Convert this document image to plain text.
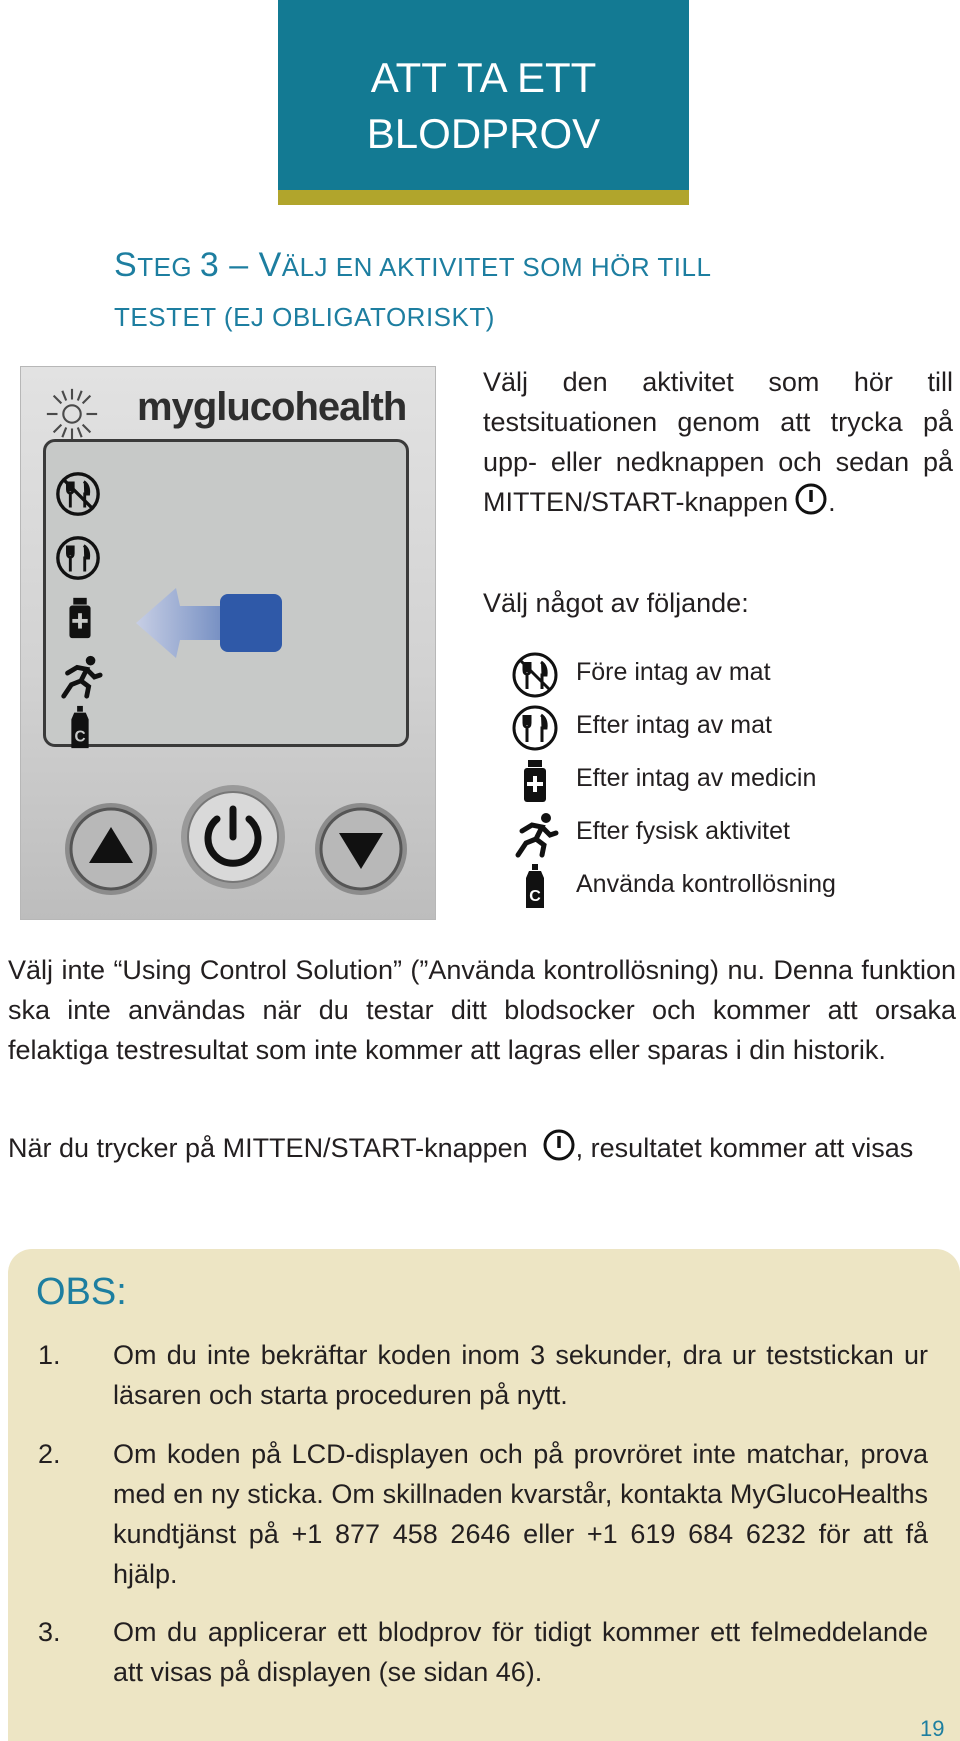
ATT TA ETT
BLODPROV
STEG 3 – VÄLJ EN AKTIVITET SOM HÖR TILL
TESTET (EJ OBLIGATORISKT)
myglucohealth
C
Välj den aktivitet som hör till testsituationen genom att trycka på upp- eller nedknappen och sedan på MITTEN/START-knappen .
Välj något av följande:
Före intag av mat
Efter intag av mat
Efter intag av medicin
Efter fysisk aktivitet
C Använda kontrollösning
Välj inte “Using Control Solution” (”Använda kontrollösning) nu. Denna funktion ska inte användas när du testar ditt blodsocker och kommer att orsaka felaktiga testresultat som inte kommer att lagras eller sparas i din historik.
När du trycker på MITTEN/START-knappen , resultatet kommer att visas
OBS:
1. Om du inte bekräftar koden inom 3 sekunder, dra ur teststickan ur läsaren och starta proceduren på nytt.
2. Om koden på LCD-displayen och på provröret inte matchar, prova med en ny sticka. Om skillnaden kvarstår, kontakta MyGlucoHealths kundtjänst på +1 877 458 2646 eller +1 619 684 6232 för att få hjälp.
3. Om du applicerar ett blodprov för tidigt kommer ett felmeddelande att visas på displayen (se sidan 46).
19
